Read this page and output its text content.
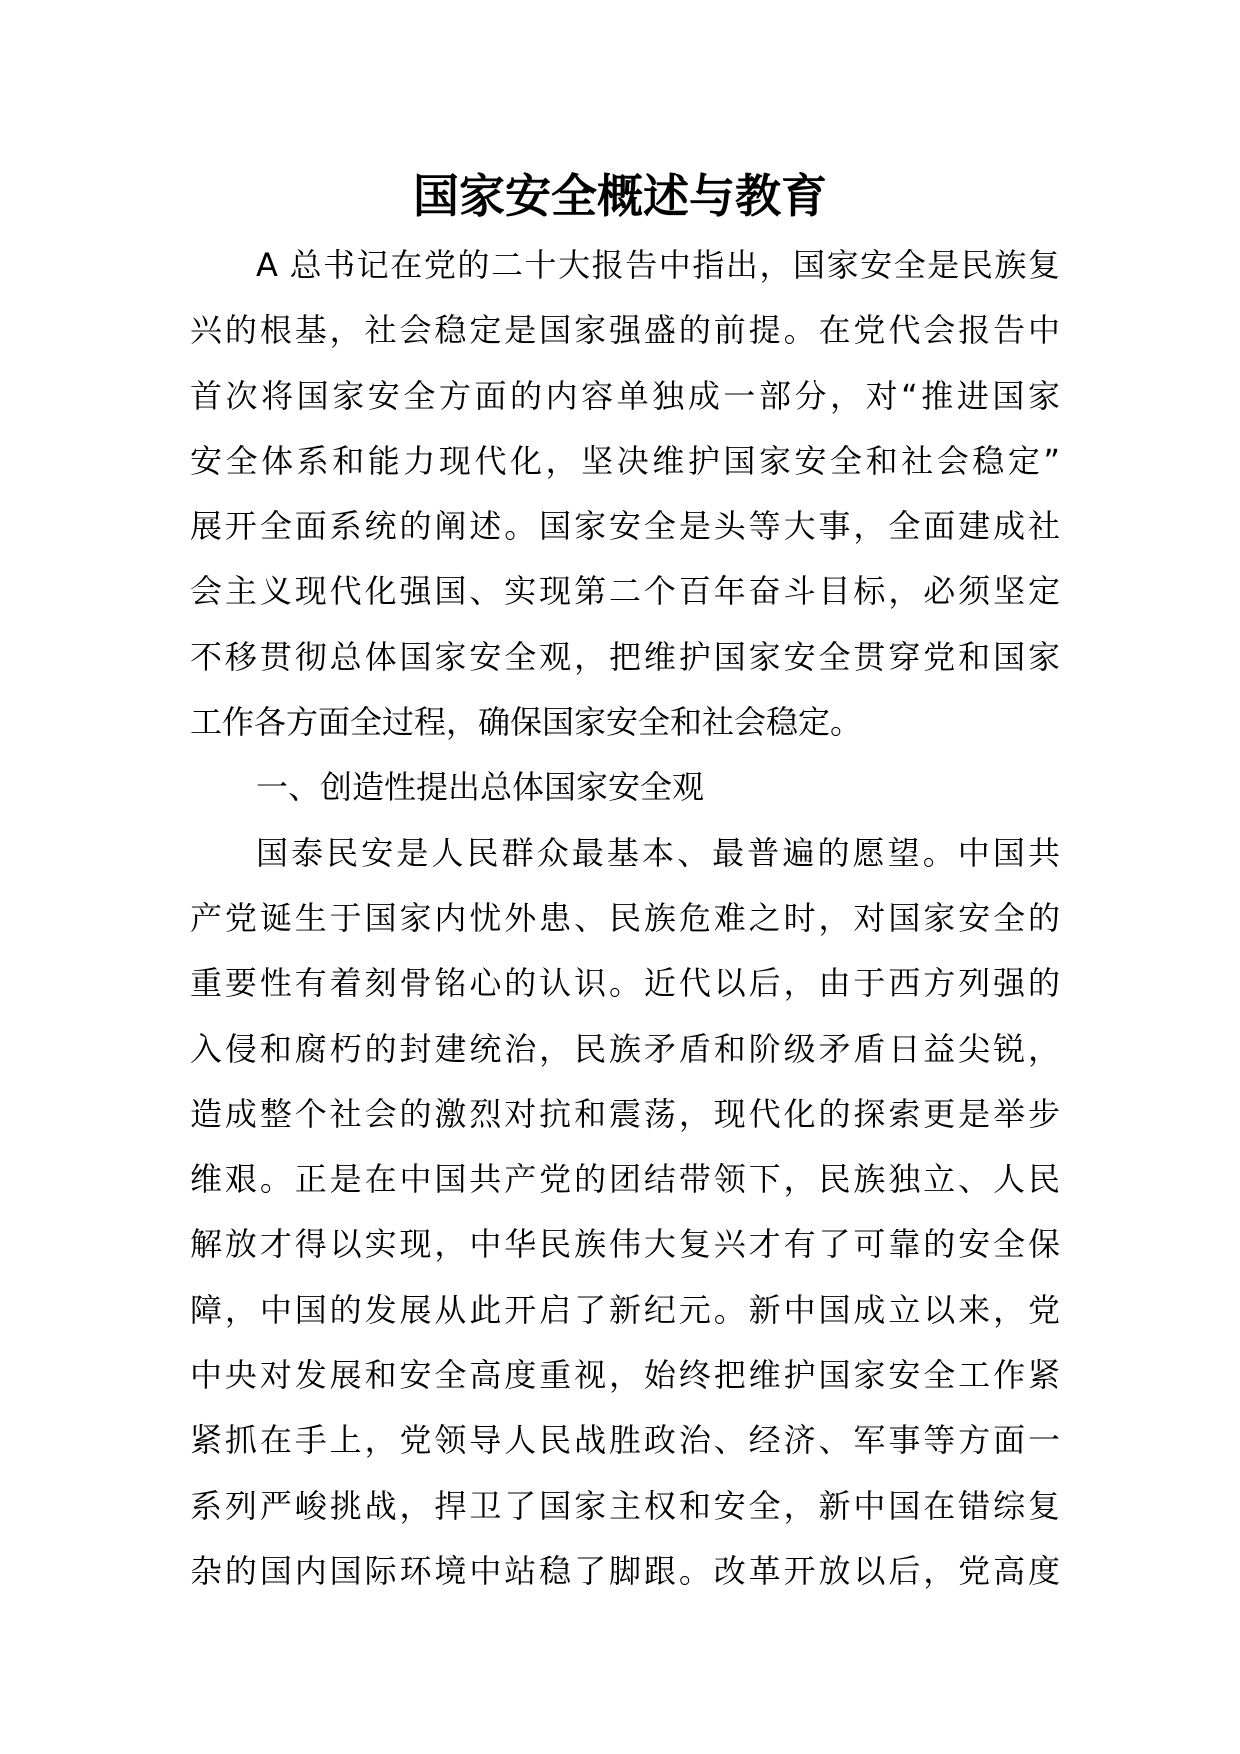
国家安全概述与教育
A 总书记在党的二十大报告中指出，国家安全是民族复
兴的根基，社会稳定是国家强盛的前提。在党代会报告中
首次将国家安全方面的内容单独成一部分，对“推进国家
安全体系和能力现代化，坚决维护国家安全和社会稳定”
展开全面系统的阐述。国家安全是头等大事，全面建成社
会主义现代化强国、实现第二个百年奋斗目标，必须坚定
不移贯彻总体国家安全观，把维护国家安全贯穿党和国家
工作各方面全过程，确保国家安全和社会稳定。
一、创造性提出总体国家安全观
国泰民安是人民群众最基本、最普遍的愿望。中国共
产党诞生于国家内忧外患、民族危难之时，对国家安全的
重要性有着刻骨铭心的认识。近代以后，由于西方列强的
入侵和腐朽的封建统治，民族矛盾和阶级矛盾日益尖锐，
造成整个社会的激烈对抗和震荡，现代化的探索更是举步
维艰。正是在中国共产党的团结带领下，民族独立、人民
解放才得以实现，中华民族伟大复兴才有了可靠的安全保
障，中国的发展从此开启了新纪元。新中国成立以来，党
中央对发展和安全高度重视，始终把维护国家安全工作紧
紧抓在手上，党领导人民战胜政治、经济、军事等方面一
系列严峻挑战，捍卫了国家主权和安全，新中国在错综复
杂的国内国际环境中站稳了脚跟。改革开放以后，党高度
